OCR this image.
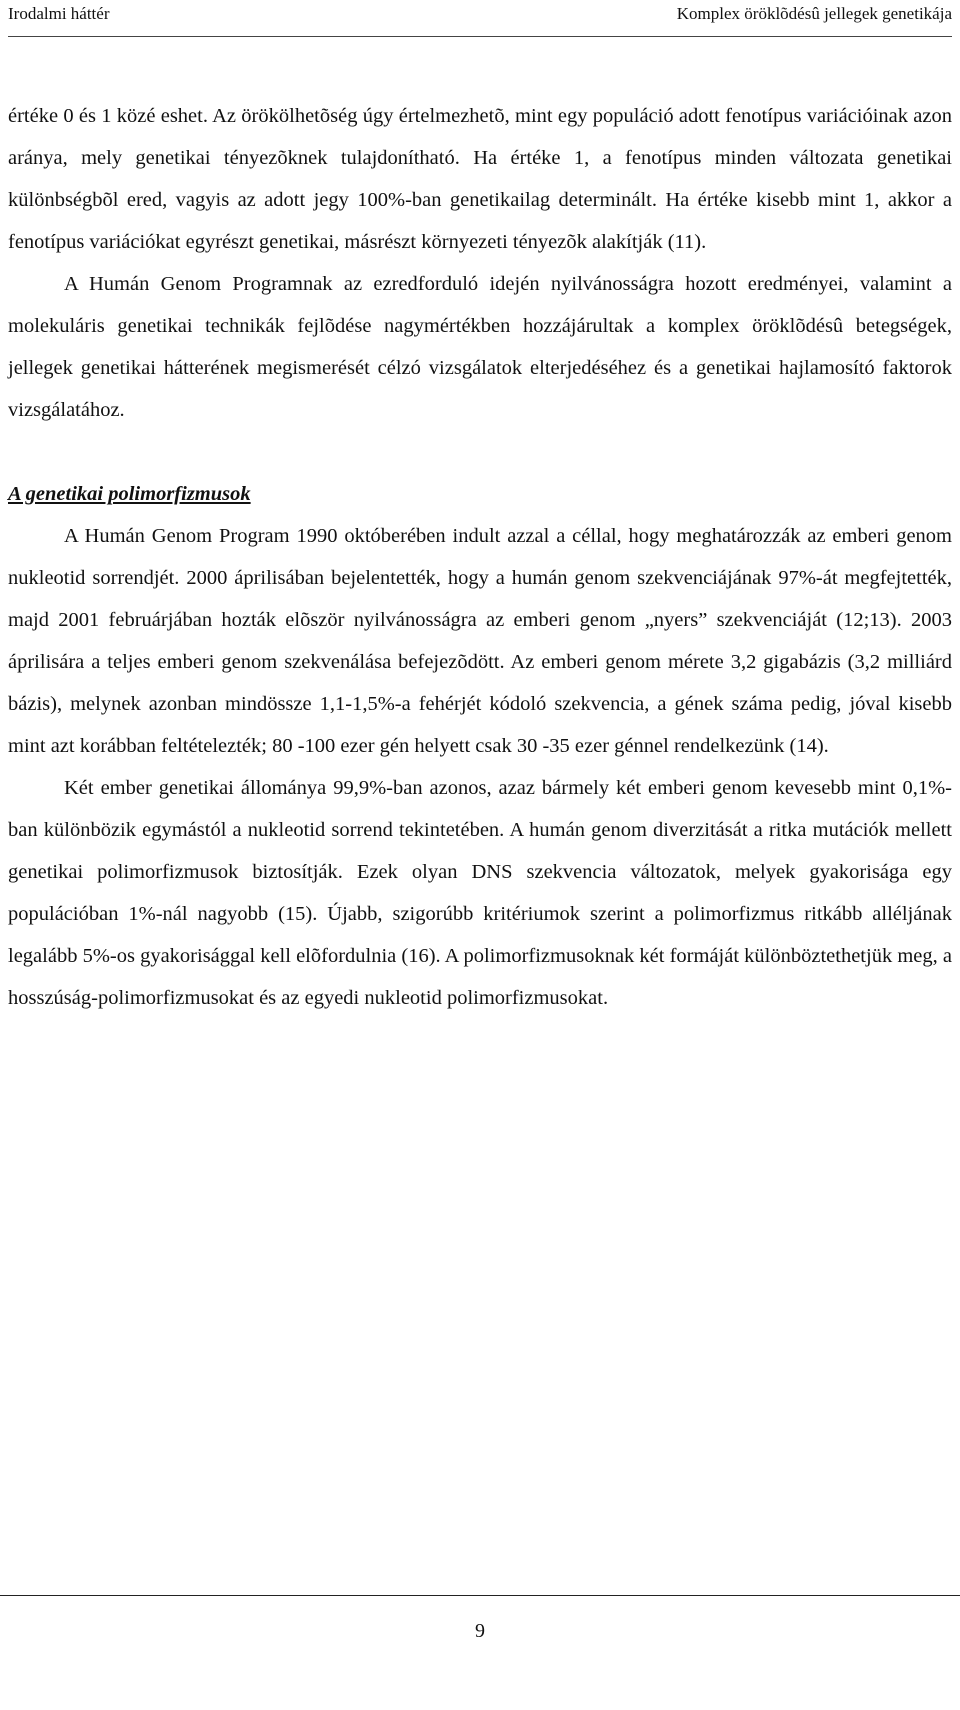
Irodalmi háttér	Komplex öröklõdésû jellegek genetikája

értéke 0 és 1 közé eshet. Az örökölhetõség úgy értelmezhetõ, mint egy populáció adott fenotípus variációinak azon aránya, mely genetikai tényezõknek tulajdonítható. Ha értéke 1, a fenotípus minden változata genetikai különbségbõl ered, vagyis az adott jegy 100%-ban genetikailag determinált. Ha értéke kisebb mint 1, akkor a fenotípus variációkat egyrészt genetikai, másrészt környezeti tényezõk alakítják (11).

A Humán Genom Programnak az ezredforduló idején nyilvánosságra hozott eredményei, valamint a molekuláris genetikai technikák fejlõdése nagymértékben hozzájárultak a komplex öröklõdésû betegségek, jellegek genetikai hátterének megismerését célzó vizsgálatok elterjedéséhez és a genetikai hajlamosító faktorok vizsgálatához.

A genetikai polimorfizmusok

A Humán Genom Program 1990 októberében indult azzal a céllal, hogy meghatározzák az emberi genom nukleotid sorrendjét. 2000 áprilisában bejelentették, hogy a humán genom szekvenciájának 97%-át megfejtették, majd 2001 februárjában hozták elõször nyilvánosságra az emberi genom „nyers” szekvenciáját (12;13). 2003 áprilisára a teljes emberi genom szekvenálása befejezõdött. Az emberi genom mérete 3,2 gigabázis (3,2 milliárd bázis), melynek azonban mindössze 1,1-1,5%-a fehérjét kódoló szekvencia, a gének száma pedig, jóval kisebb mint azt korábban feltételezték; 80 -100 ezer gén helyett csak 30 -35 ezer génnel rendelkezünk (14).

Két ember genetikai állománya 99,9%-ban azonos, azaz bármely két emberi genom kevesebb mint 0,1%-ban különbözik egymástól a nukleotid sorrend tekintetében. A humán genom diverzitását a ritka mutációk mellett genetikai polimorfizmusok biztosítják. Ezek olyan DNS szekvencia változatok, melyek gyakorisága egy populációban 1%-nál nagyobb (15). Újabb, szigorúbb kritériumok szerint a polimorfizmus ritkább alléljának legalább 5%-os gyakorisággal kell elõfordulnia (16). A polimorfizmusoknak két formáját különböztethetjük meg, a hosszúság-polimorfizmusokat és az egyedi nukleotid polimorfizmusokat.

9
